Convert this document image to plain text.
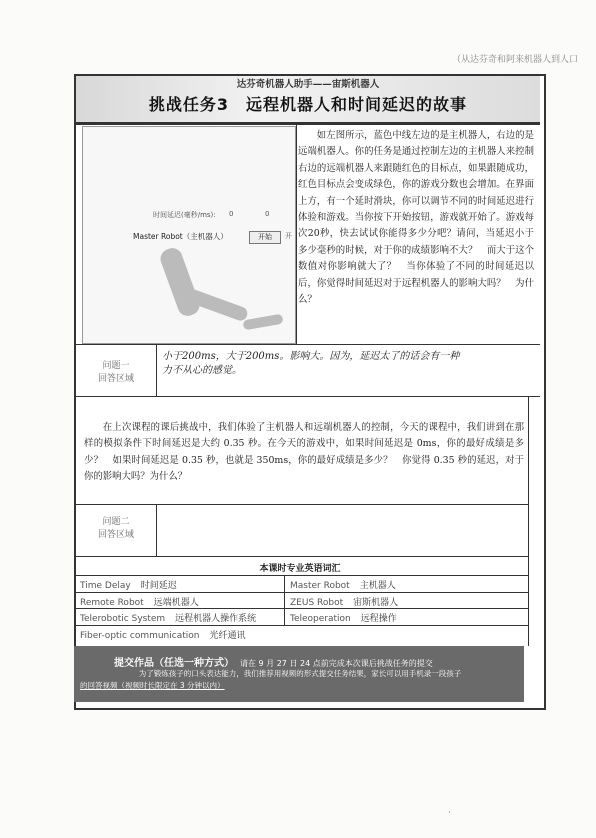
（从达芬奇和阿来机器人到人口
达芬奇机器人助手——宙斯机器人
挑战任务3　远程机器人和时间延迟的故事
时间延迟(毫秒/ms): 0	0
Master Robot（主机器人）	开始	开
如左图所示，蓝色中线左边的是主机器人，右边的是远端机器人。你的任务是通过控制左边的主机器人来控制右边的远端机器人来跟随红色的目标点，如果跟随成功，红色目标点会变成绿色，你的游戏分数也会增加。在界面上方，有一个延时滑块，你可以调节不同的时间延迟进行体验和游戏。当你按下开始按钮，游戏就开始了。游戏每次20秒，快去试试你能得多少分吧？请问，当延迟小于多少毫秒的时候，对于你的成绩影响不大？　而大于这个数值对你影响就大了？　当你体验了不同的时间延迟以后，你觉得时间延迟对于远程机器人的影响大吗？　为什么？
问题一
回答区域
小于200ms，大于200ms。影响大。因为，延迟太了的话会有一种
力不从心的感觉。
在上次课程的课后挑战中，我们体验了主机器人和远端机器人的控制，今天的课程中，我们讲到在那样的模拟条件下时间延迟是大约 0.35 秒。在今天的游戏中，如果时间延迟是 0ms，你的最好成绩是多少？　如果时间延迟是 0.35 秒，也就是 350ms，你的最好成绩是多少？　你觉得 0.35 秒的延迟，对于你的影响大吗？为什么？
问题二
回答区域
本课时专业英语词汇
Time Delay 时间延迟	Master Robot 主机器人
Remote Robot 远端机器人	ZEUS Robot 宙斯机器人
Telerobotic System 远程机器人操作系统	Teleoperation 远程操作
Fiber-optic communication 光纤通讯
提交作品（任选一种方式） 请在 9 月 27 日 24 点前完成本次课后挑战任务的提交
为了锻炼孩子的口头表达能力，我们推荐用视频的形式提交任务结果，家长可以用手机录一段孩子
的回答视频（视频时长限定在 3 分钟以内）
·
